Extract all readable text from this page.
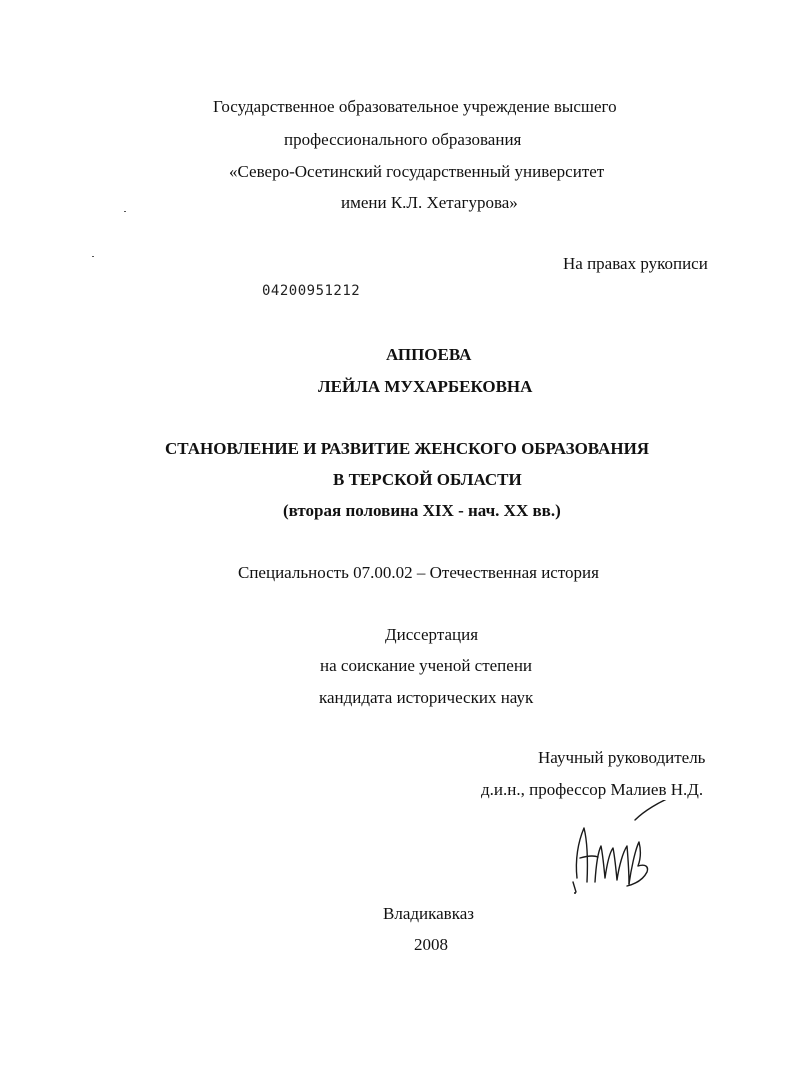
Государственное образовательное учреждение высшего
профессионального образования
«Северо-Осетинский государственный университет
имени К.Л. Хетагурова»
На правах рукописи
04200951212
АППОЕВА
ЛЕЙЛА МУХАРБЕКОВНА
СТАНОВЛЕНИЕ И РАЗВИТИЕ ЖЕНСКОГО ОБРАЗОВАНИЯ
В ТЕРСКОЙ ОБЛАСТИ
(вторая половина XIX - нач. XX вв.)
Специальность 07.00.02 – Отечественная история
Диссертация
на соискание ученой степени
кандидата исторических наук
Научный руководитель
д.и.н., профессор Малиев Н.Д.
Владикавказ
2008
